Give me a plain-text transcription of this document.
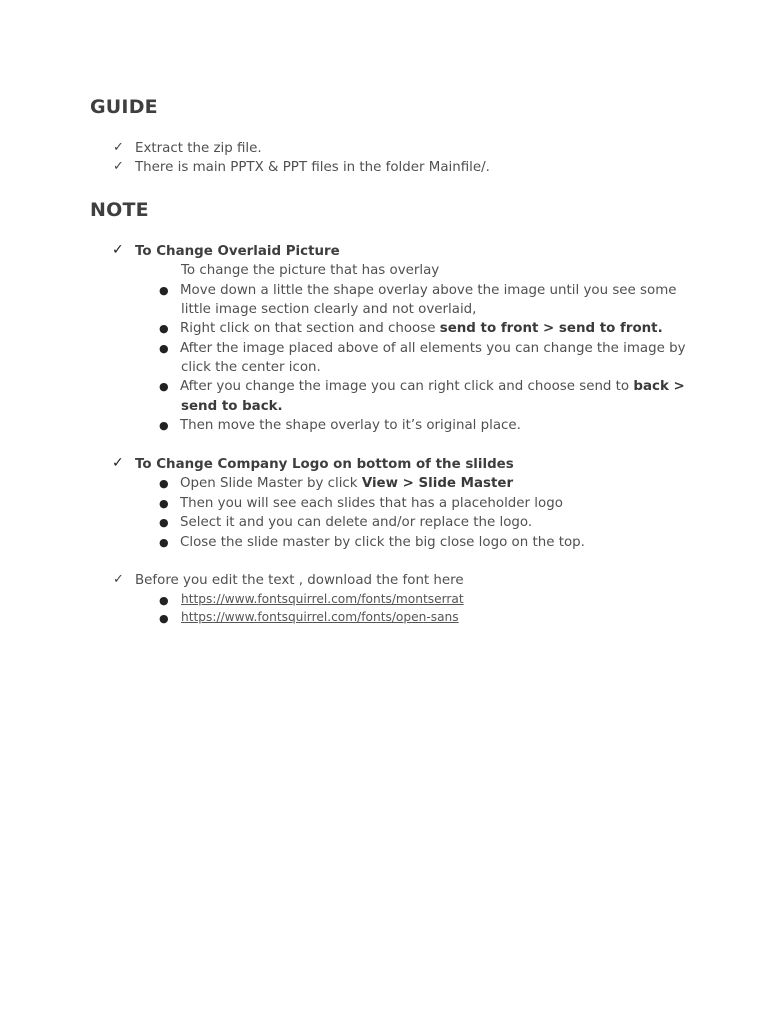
GUIDE
✓ Extract the zip file.
✓ There is main PPTX & PPT files in the folder Mainfile/.
NOTE
✓ To Change Overlaid Picture
To change the picture that has overlay
● Move down a little the shape overlay above the image until you see some
little image section clearly and not overlaid,
● Right click on that section and choose send to front > send to front.
● After the image placed above of all elements you can change the image by
click the center icon.
● After you change the image you can right click and choose send to back >
send to back.
● Then move the shape overlay to it’s original place.
✓ To Change Company Logo on bottom of the slildes
● Open Slide Master by click View > Slide Master
● Then you will see each slides that has a placeholder logo
● Select it and you can delete and/or replace the logo.
● Close the slide master by click the big close logo on the top.
✓ Before you edit the text , download the font here
● https://www.fontsquirrel.com/fonts/montserrat
● https://www.fontsquirrel.com/fonts/open-sans
